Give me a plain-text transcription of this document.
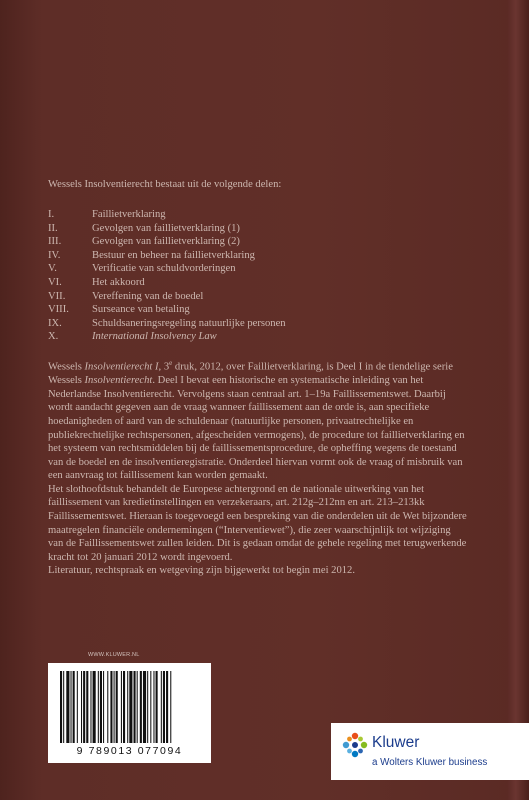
Wessels Insolventierecht bestaat uit de volgende delen:
I.	Faillietverklaring
II.	Gevolgen van faillietverklaring (1)
III.	Gevolgen van faillietverklaring (2)
IV.	Bestuur en beheer na faillietverklaring
V.	Verificatie van schuldvorderingen
VI.	Het akkoord
VII.	Vereffening van de boedel
VIII.	Surseance van betaling
IX.	Schuldsaneringsregeling natuurlijke personen
X.	International Insolvency Law

Wessels Insolventierecht I, 3e druk, 2012, over Faillietverklaring, is Deel I in de tiendelige serie Wessels Insolventierecht. Deel I bevat een historische en systematische inleiding van het Nederlandse Insolventierecht. Vervolgens staan centraal art. 1–19a Faillissementswet. Daarbij wordt aandacht gegeven aan de vraag wanneer faillissement aan de orde is, aan specifieke hoedanigheden of aard van de schuldenaar (natuurlijke personen, privaatrechtelijke en publiekrechtelijke rechtspersonen, afgescheiden vermogens), de procedure tot faillietverklaring en het systeem van rechtsmiddelen bij de faillissementsprocedure, de opheffing wegens de toestand van de boedel en de insolventieregistratie. Onderdeel hiervan vormt ook de vraag of misbruik van een aanvraag tot faillissement kan worden gemaakt.

Het slothoofdstuk behandelt de Europese achtergrond en de nationale uitwerking van het faillissement van kredietinstellingen en verzekeraars, art. 212g–212nn en art. 213–213kk Faillissementswet. Hieraan is toegevoegd een bespreking van die onderdelen uit de Wet bijzondere maatregelen financiële ondernemingen (“Interventiewet”), die zeer waarschijnlijk tot wijziging van de Faillissementswet zullen leiden. Dit is gedaan omdat de gehele regeling met terugwerkende kracht tot 20 januari 2012 wordt ingevoerd.

Literatuur, rechtspraak en wetgeving zijn bijgewerkt tot begin mei 2012.

WWW.KLUWER.NL
9 789013 077094	Kluwer
a Wolters Kluwer business
